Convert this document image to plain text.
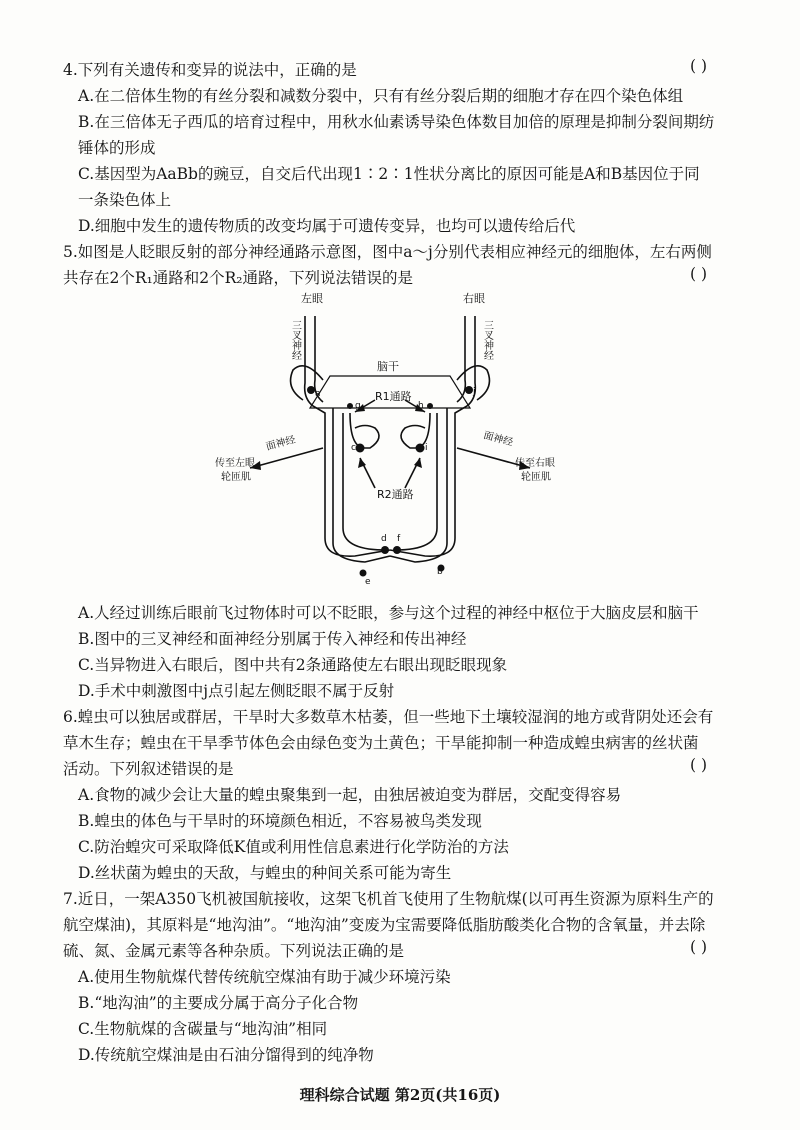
4.下列有关遗传和变异的说法中，正确的是	( )
A.在二倍体生物的有丝分裂和减数分裂中，只有有丝分裂后期的细胞才存在四个染色体组
B.在三倍体无子西瓜的培育过程中，用秋水仙素诱导染色体数目加倍的原理是抑制分裂间期纺
锤体的形成
C.基因型为AaBb的豌豆，自交后代出现1∶2∶1性状分离比的原因可能是A和B基因位于同
一条染色体上
D.细胞中发生的遗传物质的改变均属于可遗传变异，也均可以遗传给后代
5.如图是人眨眼反射的部分神经通路示意图，图中a～j分别代表相应神经元的细胞体，左右两侧
共存在2个R₁通路和2个R₂通路，下列说法错误的是	( )
左眼	右眼
三叉神经	三叉神经
脑干
R1通路
R2通路
面神经	面神经
传至左眼
轮匝肌
传至右眼
轮匝肌
a
b
c
d
e
f
g	h
i
j
A.人经过训练后眼前飞过物体时可以不眨眼，参与这个过程的神经中枢位于大脑皮层和脑干
B.图中的三叉神经和面神经分别属于传入神经和传出神经
C.当异物进入右眼后，图中共有2条通路使左右眼出现眨眼现象
D.手术中刺激图中j点引起左侧眨眼不属于反射
6.蝗虫可以独居或群居，干旱时大多数草木枯萎，但一些地下土壤较湿润的地方或背阴处还会有
草木生存；蝗虫在干旱季节体色会由绿色变为土黄色；干旱能抑制一种造成蝗虫病害的丝状菌
活动。下列叙述错误的是	( )
A.食物的减少会让大量的蝗虫聚集到一起，由独居被迫变为群居，交配变得容易
B.蝗虫的体色与干旱时的环境颜色相近，不容易被鸟类发现
C.防治蝗灾可采取降低K值或利用性信息素进行化学防治的方法
D.丝状菌为蝗虫的天敌，与蝗虫的种间关系可能为寄生
7.近日，一架A350飞机被国航接收，这架飞机首飞使用了生物航煤(以可再生资源为原料生产的
航空煤油)，其原料是“地沟油”。“地沟油”变废为宝需要降低脂肪酸类化合物的含氧量，并去除
硫、氮、金属元素等各种杂质。下列说法正确的是	( )
A.使用生物航煤代替传统航空煤油有助于减少环境污染
B.“地沟油”的主要成分属于高分子化合物
C.生物航煤的含碳量与“地沟油”相同
D.传统航空煤油是由石油分馏得到的纯净物
理科综合试题 第2页(共16页)
